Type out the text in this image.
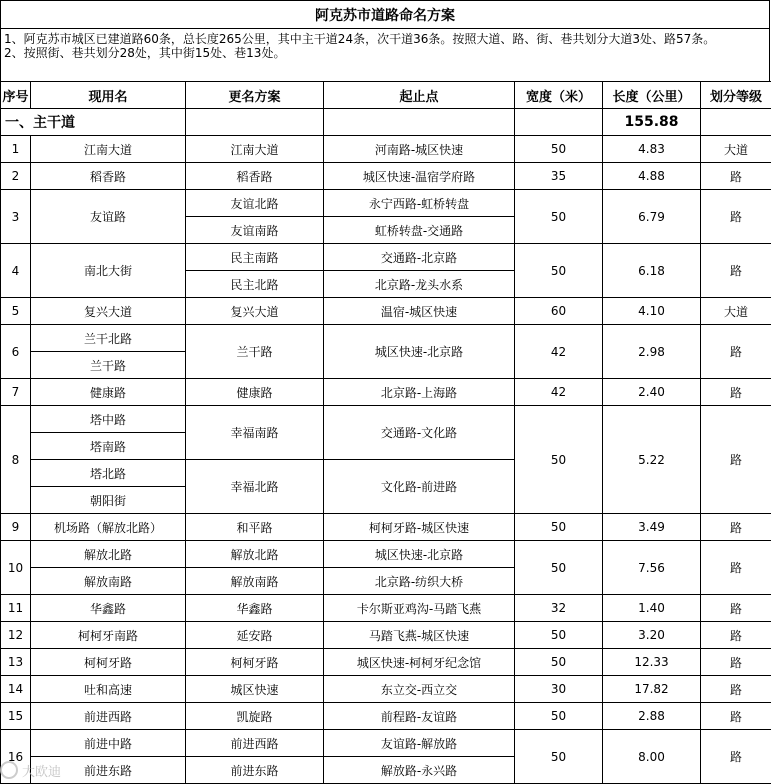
阿克苏市道路命名方案

1、阿克苏市城区已建道路60条，总长度265公里，其中主干道24条，次干道36条。按照大道、路、街、巷共划分大道3处、路57条。

2、按照街、巷共划分28处，其中街15处、巷13处。

序号	现用名	更名方案	起止点	宽度（米）	长度（公里）	划分等级
一、主干道					155.88	
1	江南大道	江南大道	河南路-城区快速	50	4.83	大道
2	稻香路	稻香路	城区快速-温宿学府路	35	4.88	路
3	友谊路	友谊北路	永宁西路-虹桥转盘	50	6.79	路
		友谊南路	虹桥转盘-交通路			
4	南北大街	民主南路	交通路-北京路	50	6.18	路
		民主北路	北京路-龙头水系			
5	复兴大道	复兴大道	温宿-城区快速	60	4.10	大道
6	兰干北路	兰干路	城区快速-北京路	42	2.98	路
	兰干路					
7	健康路	健康路	北京路-上海路	42	2.40	路
8	塔中路	幸福南路	交通路-文化路	50	5.22	路
	塔南路					
	塔北路	幸福北路	文化路-前进路			
	朝阳街					
9	机场路（解放北路）	和平路	柯柯牙路-城区快速	50	3.49	路
10	解放北路	解放北路	城区快速-北京路	50	7.56	路
	解放南路	解放南路	北京路-纺织大桥			
11	华鑫路	华鑫路	卡尔斯亚鸡沟-马踏飞燕	32	1.40	路
12	柯柯牙南路	延安路	马踏飞燕-城区快速	50	3.20	路
13	柯柯牙路	柯柯牙路	城区快速-柯柯牙纪念馆	50	12.33	路
14	吐和高速	城区快速	东立交-西立交	30	17.82	路
15	前进西路	凯旋路	前程路-友谊路	50	2.88	路
16	前进中路	前进西路	友谊路-解放路	50	8.00	路
	前进东路	前进东路	解放路-永兴路			
大欧迪
